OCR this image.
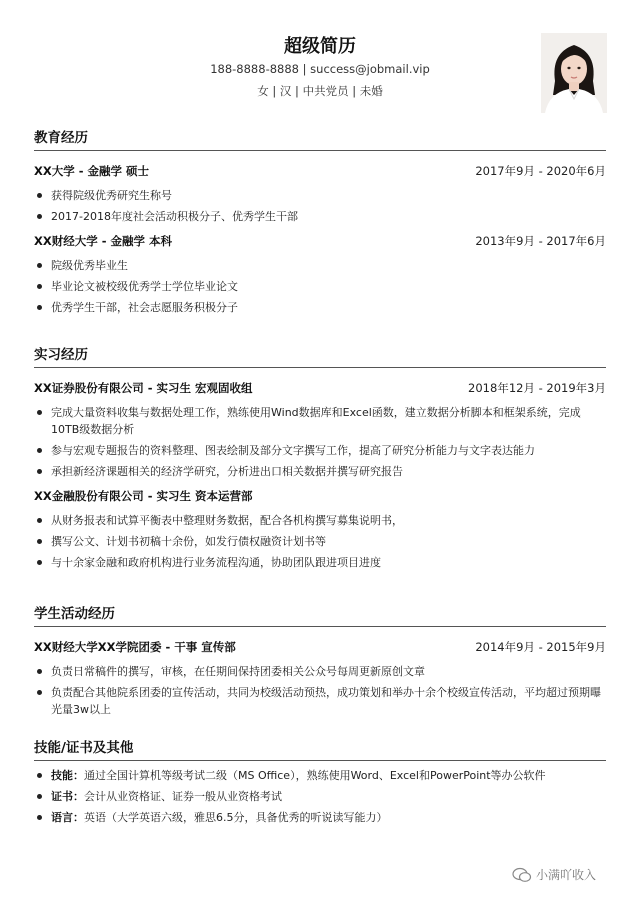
超级简历
188-8888-8888 | success@jobmail.vip
女 | 汉 | 中共党员 | 未婚
教育经历
XX大学 - 金融学 硕士	2017年9月 - 2020年6月
获得院级优秀研究生称号
2017-2018年度社会活动积极分子、优秀学生干部
XX财经大学 - 金融学 本科	2013年9月 - 2017年6月
院级优秀毕业生
毕业论文被校级优秀学士学位毕业论文
优秀学生干部，社会志愿服务积极分子
实习经历
XX证券股份有限公司 - 实习生 宏观固收组	2018年12月 - 2019年3月
完成大量资料收集与数据处理工作，熟练使用Wind数据库和Excel函数，建立数据分析脚本和框架系统，完成10TB级数据分析
参与宏观专题报告的资料整理、图表绘制及部分文字撰写工作，提高了研究分析能力与文字表达能力
承担新经济课题相关的经济学研究，分析进出口相关数据并撰写研究报告
XX金融股份有限公司 - 实习生 资本运营部
从财务报表和试算平衡表中整理财务数据，配合各机构撰写募集说明书，
撰写公文、计划书初稿十余份，如发行债权融资计划书等
与十余家金融和政府机构进行业务流程沟通，协助团队跟进项目进度
学生活动经历
XX财经大学XX学院团委 - 干事 宣传部	2014年9月 - 2015年9月
负责日常稿件的撰写，审核，在任期间保持团委相关公众号每周更新原创文章
负责配合其他院系团委的宣传活动，共同为校级活动预热，成功策划和举办十余个校级宣传活动，平均超过预期曝光量3w以上
技能/证书及其他
技能：通过全国计算机等级考试二级（MS Office），熟练使用Word、Excel和PowerPoint等办公软件
证书：会计从业资格证、证券一般从业资格考试
语言：英语（大学英语六级，雅思6.5分，具备优秀的听说读写能力）
小满吖收入
